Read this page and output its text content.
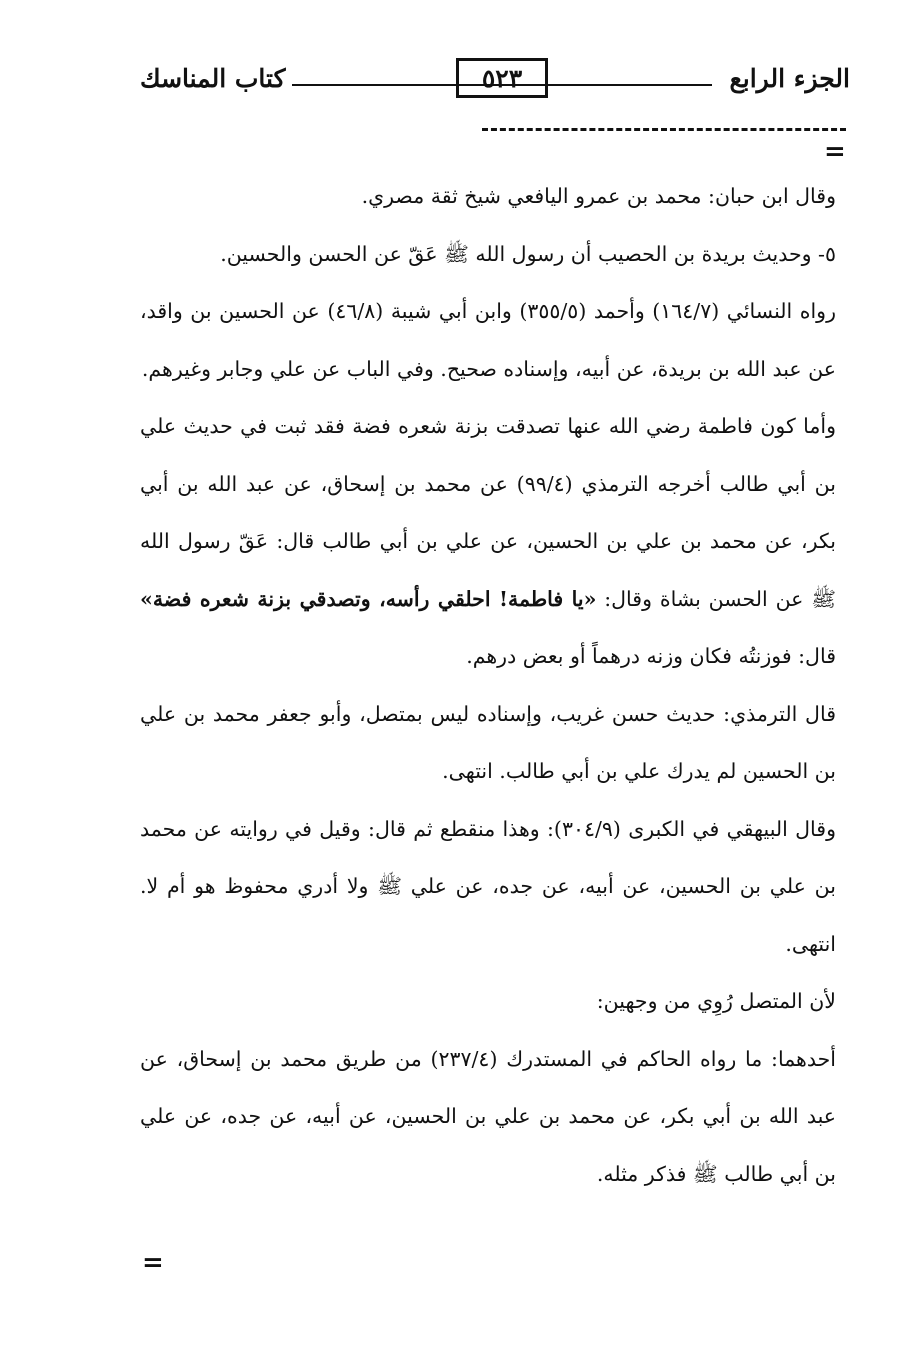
الجزء الرابع
٥٢٣
كتاب المناسك
=

وقال ابن حبان: محمد بن عمرو اليافعي شيخ ثقة مصري.

٥- وحديث بريدة بن الحصيب أن رسول الله ﷺ عَقّ عن الحسن والحسين.

رواه النسائي (١٦٤/٧) وأحمد (٣٥٥/٥) وابن أبي شيبة (٤٦/٨) عن الحسين بن واقد، عن عبد الله بن بريدة، عن أبيه، وإسناده صحيح. وفي الباب عن علي وجابر وغيرهم.

وأما كون فاطمة رضي الله عنها تصدقت بزنة شعره فضة فقد ثبت في حديث علي بن أبي طالب أخرجه الترمذي (٩٩/٤) عن محمد بن إسحاق، عن عبد الله بن أبي بكر، عن محمد بن علي بن الحسين، عن علي بن أبي طالب قال: عَقّ رسول الله ﷺ عن الحسن بشاة وقال: «يا فاطمة! احلقي رأسه، وتصدقي بزنة شعره فضة» قال: فوزنتُه فكان وزنه درهماً أو بعض درهم.

قال الترمذي: حديث حسن غريب، وإسناده ليس بمتصل، وأبو جعفر محمد بن علي بن الحسين لم يدرك علي بن أبي طالب. انتهى.

وقال البيهقي في الكبرى (٣٠٤/٩): وهذا منقطع ثم قال: وقيل في روايته عن محمد بن علي بن الحسين، عن أبيه، عن جده، عن علي ﷺ ولا أدري محفوظ هو أم لا. انتهى.

لأن المتصل رُوِي من وجهين:

أحدهما: ما رواه الحاكم في المستدرك (٢٣٧/٤) من طريق محمد بن إسحاق، عن عبد الله بن أبي بكر، عن محمد بن علي بن الحسين، عن أبيه، عن جده، عن علي بن أبي طالب ﷺ فذكر مثله.

=
